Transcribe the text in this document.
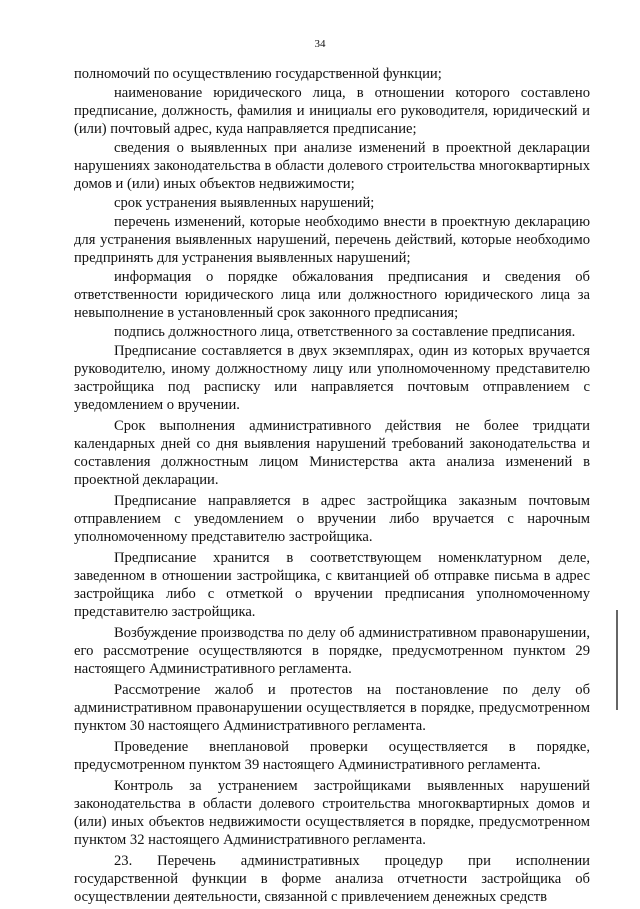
34

полномочий по осуществлению государственной функции;

наименование юридического лица, в отношении которого составлено предписание, должность, фамилия и инициалы его руководителя, юридический и (или) почтовый адрес, куда направляется предписание;

сведения о выявленных при анализе изменений в проектной декларации нарушениях законодательства в области долевого строительства многоквартирных домов и (или) иных объектов недвижимости;

срок устранения выявленных нарушений;

перечень изменений, которые необходимо внести в проектную декларацию для устранения выявленных нарушений, перечень действий, которые необходимо предпринять для устранения выявленных нарушений;

информация о порядке обжалования предписания и сведения об ответственности юридического лица или должностного юридического лица за невыполнение в установленный срок законного предписания;

подпись должностного лица, ответственного за составление предписания.

Предписание составляется в двух экземплярах, один из которых вручается руководителю, иному должностному лицу или уполномоченному представителю застройщика под расписку или направляется почтовым отправлением с уведомлением о вручении.

Срок выполнения административного действия не более тридцати календарных дней со дня выявления нарушений требований законодательства и составления должностным лицом Министерства акта анализа изменений в проектной декларации.

Предписание направляется в адрес застройщика заказным почтовым отправлением с уведомлением о вручении либо вручается с нарочным уполномоченному представителю застройщика.

Предписание хранится в соответствующем номенклатурном деле, заведенном в отношении застройщика, с квитанцией об отправке письма в адрес застройщика либо с отметкой о вручении предписания уполномоченному представителю застройщика.

Возбуждение производства по делу об административном правонарушении, его рассмотрение осуществляются в порядке, предусмотренном пунктом 29 настоящего Административного регламента.

Рассмотрение жалоб и протестов на постановление по делу об административном правонарушении осуществляется в порядке, предусмотренном пунктом 30 настоящего Административного регламента.

Проведение внеплановой проверки осуществляется в порядке, предусмотренном пунктом 39 настоящего Административного регламента.

Контроль за устранением застройщиками выявленных нарушений законодательства в области долевого строительства многоквартирных домов и (или) иных объектов недвижимости осуществляется в порядке, предусмотренном пунктом 32 настоящего Административного регламента.

23. Перечень административных процедур при исполнении государственной функции в форме анализа отчетности застройщика об осуществлении деятельности, связанной с привлечением денежных средств
